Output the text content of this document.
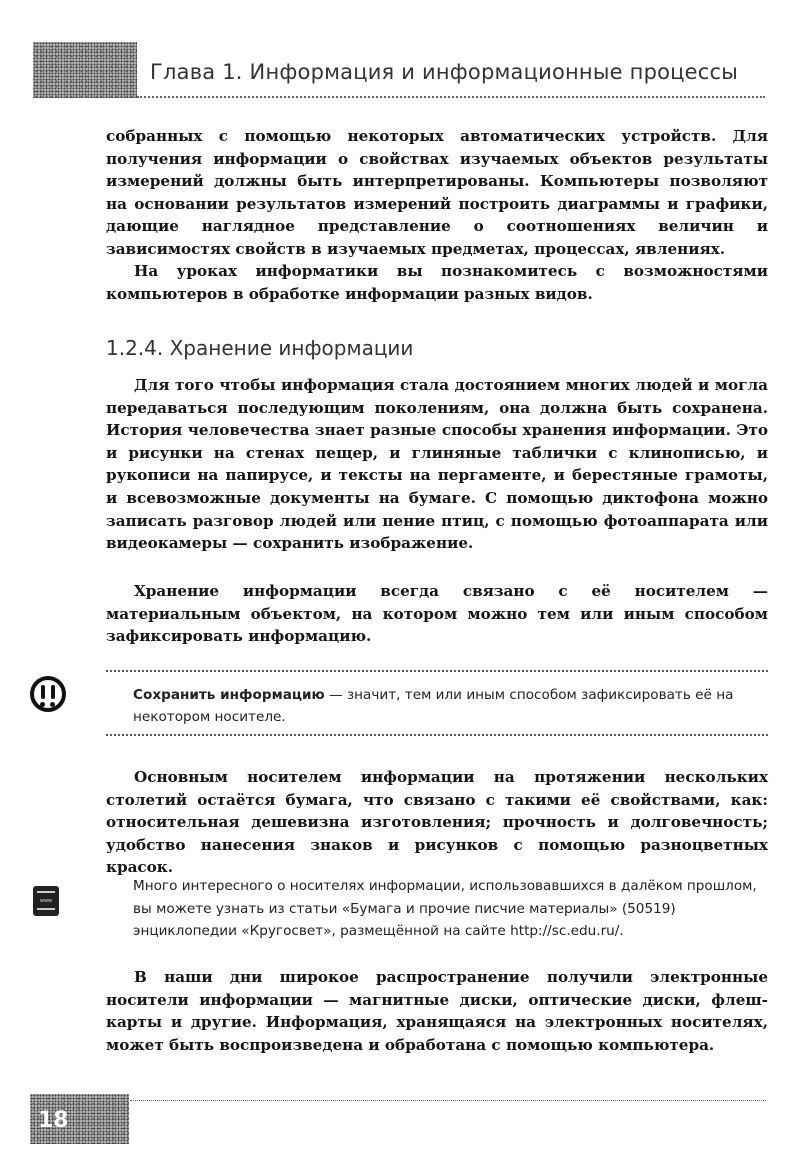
Глава 1. Информация и информационные процессы

собранных с помощью некоторых автоматических устройств. Для получения информации о свойствах изучаемых объектов результаты измерений должны быть интерпретированы. Компьютеры позволяют на основании результатов измерений построить диаграммы и графики, дающие наглядное представление о соотношениях величин и зависимостях свойств в изучаемых предметах, процессах, явлениях.

На уроках информатики вы познакомитесь с возможностями компьютеров в обработке информации разных видов.

1.2.4. Хранение информации

Для того чтобы информация стала достоянием многих людей и могла передаваться последующим поколениям, она должна быть сохранена. История человечества знает разные способы хранения информации. Это и рисунки на стенах пещер, и глиняные таблички с клинописью, и рукописи на папирусе, и тексты на пергаменте, и берестяные грамоты, и всевозможные документы на бумаге. С помощью диктофона можно записать разговор людей или пение птиц, с помощью фотоаппарата или видеокамеры — сохранить изображение.

Хранение информации всегда связано с её носителем — материальным объектом, на котором можно тем или иным способом зафиксировать информацию.

Сохранить информацию — значит, тем или иным способом зафиксировать её на некотором носителе.

Основным носителем информации на протяжении нескольких столетий остаётся бумага, что связано с такими её свойствами, как: относительная дешевизна изготовления; прочность и долговечность; удобство нанесения знаков и рисунков с помощью разноцветных красок.

www

Много интересного о носителях информации, использовавшихся в далёком прошлом, вы можете узнать из статьи «Бумага и прочие писчие материалы» (50519) энциклопедии «Кругосвет», размещённой на сайте http://sc.edu.ru/.

В наши дни широкое распространение получили электронные носители информации — магнитные диски, оптические диски, флеш-карты и другие. Информация, хранящаяся на электронных носителях, может быть воспроизведена и обработана с помощью компьютера.

18
